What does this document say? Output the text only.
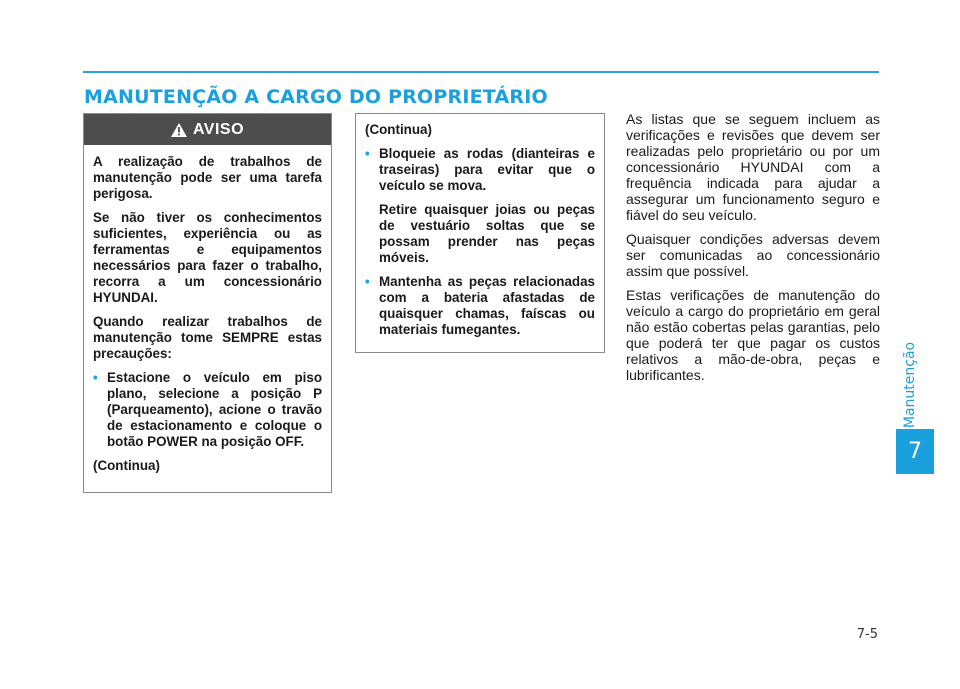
MANUTENÇÃO A CARGO DO PROPRIETÁRIO
AVISO

A realização de trabalhos de manutenção pode ser uma tarefa perigosa.

Se não tiver os conhecimentos suficientes, experiência ou as ferramentas e equipamentos necessários para fazer o trabalho, recorra a um concessionário HYUNDAI.

Quando realizar trabalhos de manutenção tome SEMPRE estas precauções:

• Estacione o veículo em piso plano, selecione a posição P (Parqueamento), acione o travão de estacionamento e coloque o botão POWER na posição OFF.

(Continua)

(Continua)

• Bloqueie as rodas (dianteiras e traseiras) para evitar que o veículo se mova.

Retire quaisquer joias ou peças de vestuário soltas que se possam prender nas peças móveis.

• Mantenha as peças relacionadas com a bateria afastadas de quaisquer chamas, faíscas ou materiais fumegantes.

As listas que se seguem incluem as verificações e revisões que devem ser realizadas pelo proprietário ou por um concessionário HYUNDAI com a frequência indicada para ajudar a assegurar um funcionamento seguro e fiável do seu veículo.

Quaisquer condições adversas devem ser comunicadas ao concessionário assim que possível.

Estas verificações de manutenção do veículo a cargo do proprietário em geral não estão cobertas pelas garantias, pelo que poderá ter que pagar os custos relativos a mão-de-obra, peças e lubrificantes.	Manutenção
7
7-5
